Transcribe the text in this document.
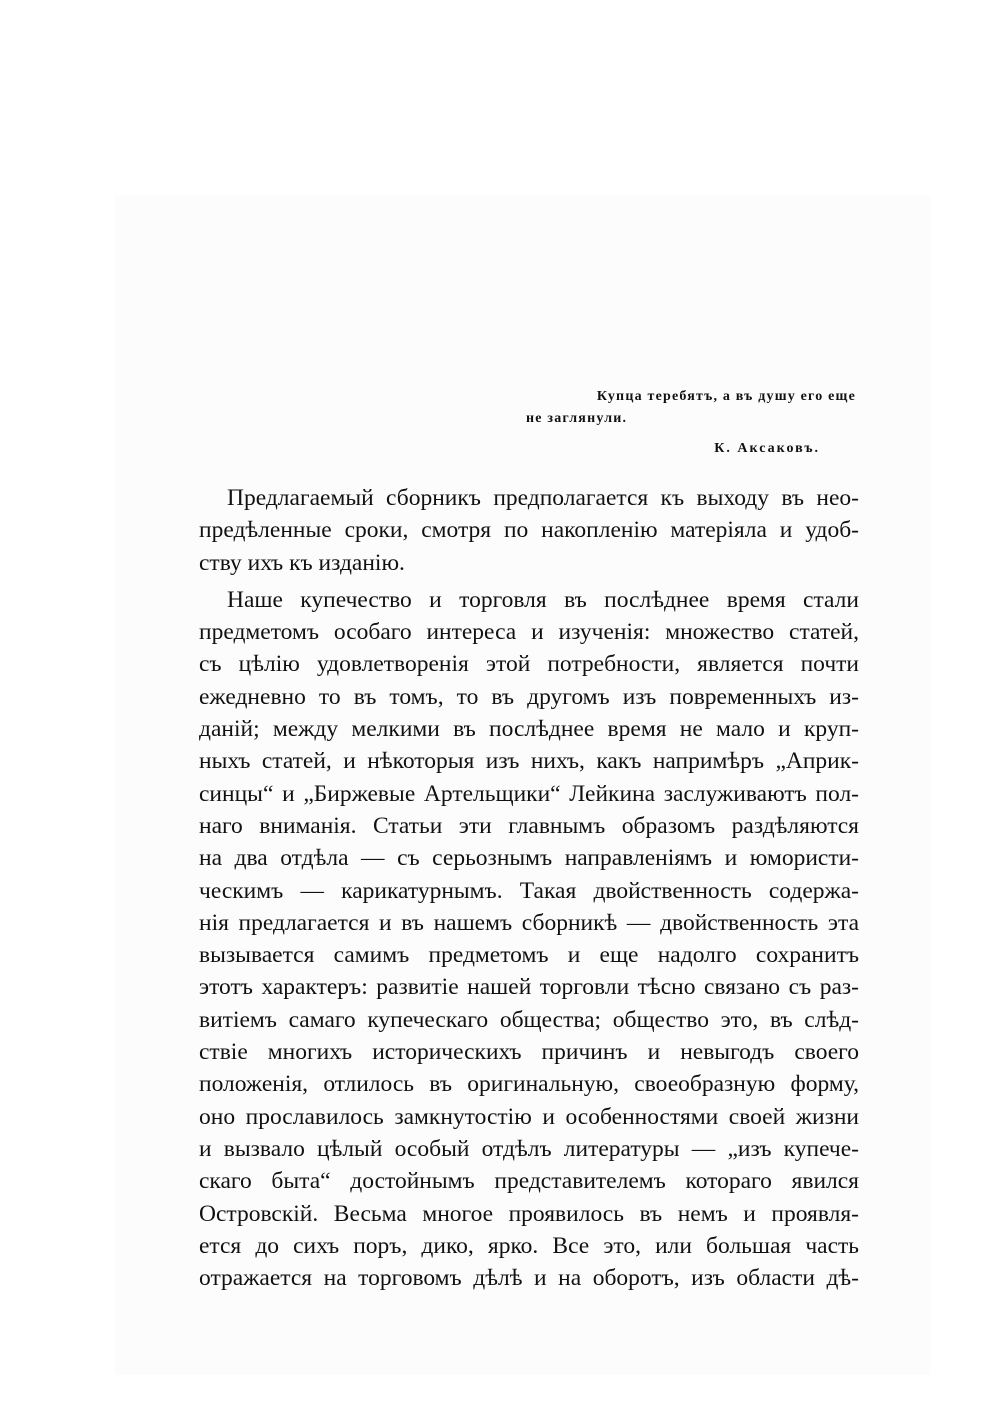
Купца теребятъ, а въ душу его еще
не заглянули.
К. Аксаковъ.
Предлагаемый сборникъ предполагается къ выходу въ нео-
предѣленные сроки, смотря по накопленію матеріяла и удоб-
ству ихъ къ изданію.
Наше купечество и торговля въ послѣднее время стали
предметомъ особаго интереса и изученія: множество статей,
съ цѣлію удовлетворенія этой потребности, является почти
ежедневно то въ томъ, то въ другомъ изъ повременныхъ из-
даній; между мелкими въ послѣднее время не мало и круп-
ныхъ статей, и нѣкоторыя изъ нихъ, какъ напримѣръ „Априк-
синцы“ и „Биржевые Артельщики“ Лейкина заслуживаютъ пол-
наго вниманія. Статьи эти главнымъ образомъ раздѣляются
на два отдѣла — съ серьознымъ направленіямъ и юмористи-
ческимъ — карикатурнымъ. Такая двойственность содержа-
нія предлагается и въ нашемъ сборникѣ — двойственность эта
вызывается самимъ предметомъ и еще надолго сохранитъ
этотъ характеръ: развитіе нашей торговли тѣсно связано съ раз-
витіемъ самаго купеческаго общества; общество это, въ слѣд-
ствіе многихъ историческихъ причинъ и невыгодъ своего
положенія, отлилось въ оригинальную, своеобразную форму,
оно прославилось замкнутостію и особенностями своей жизни
и вызвало цѣлый особый отдѣлъ литературы — „изъ купече-
скаго быта“ достойнымъ представителемъ котораго явился
Островскій. Весьма многое проявилось въ немъ и проявля-
ется до сихъ поръ, дико, ярко. Все это, или большая часть
отражается на торговомъ дѣлѣ и на оборотъ, изъ области дѣ-
